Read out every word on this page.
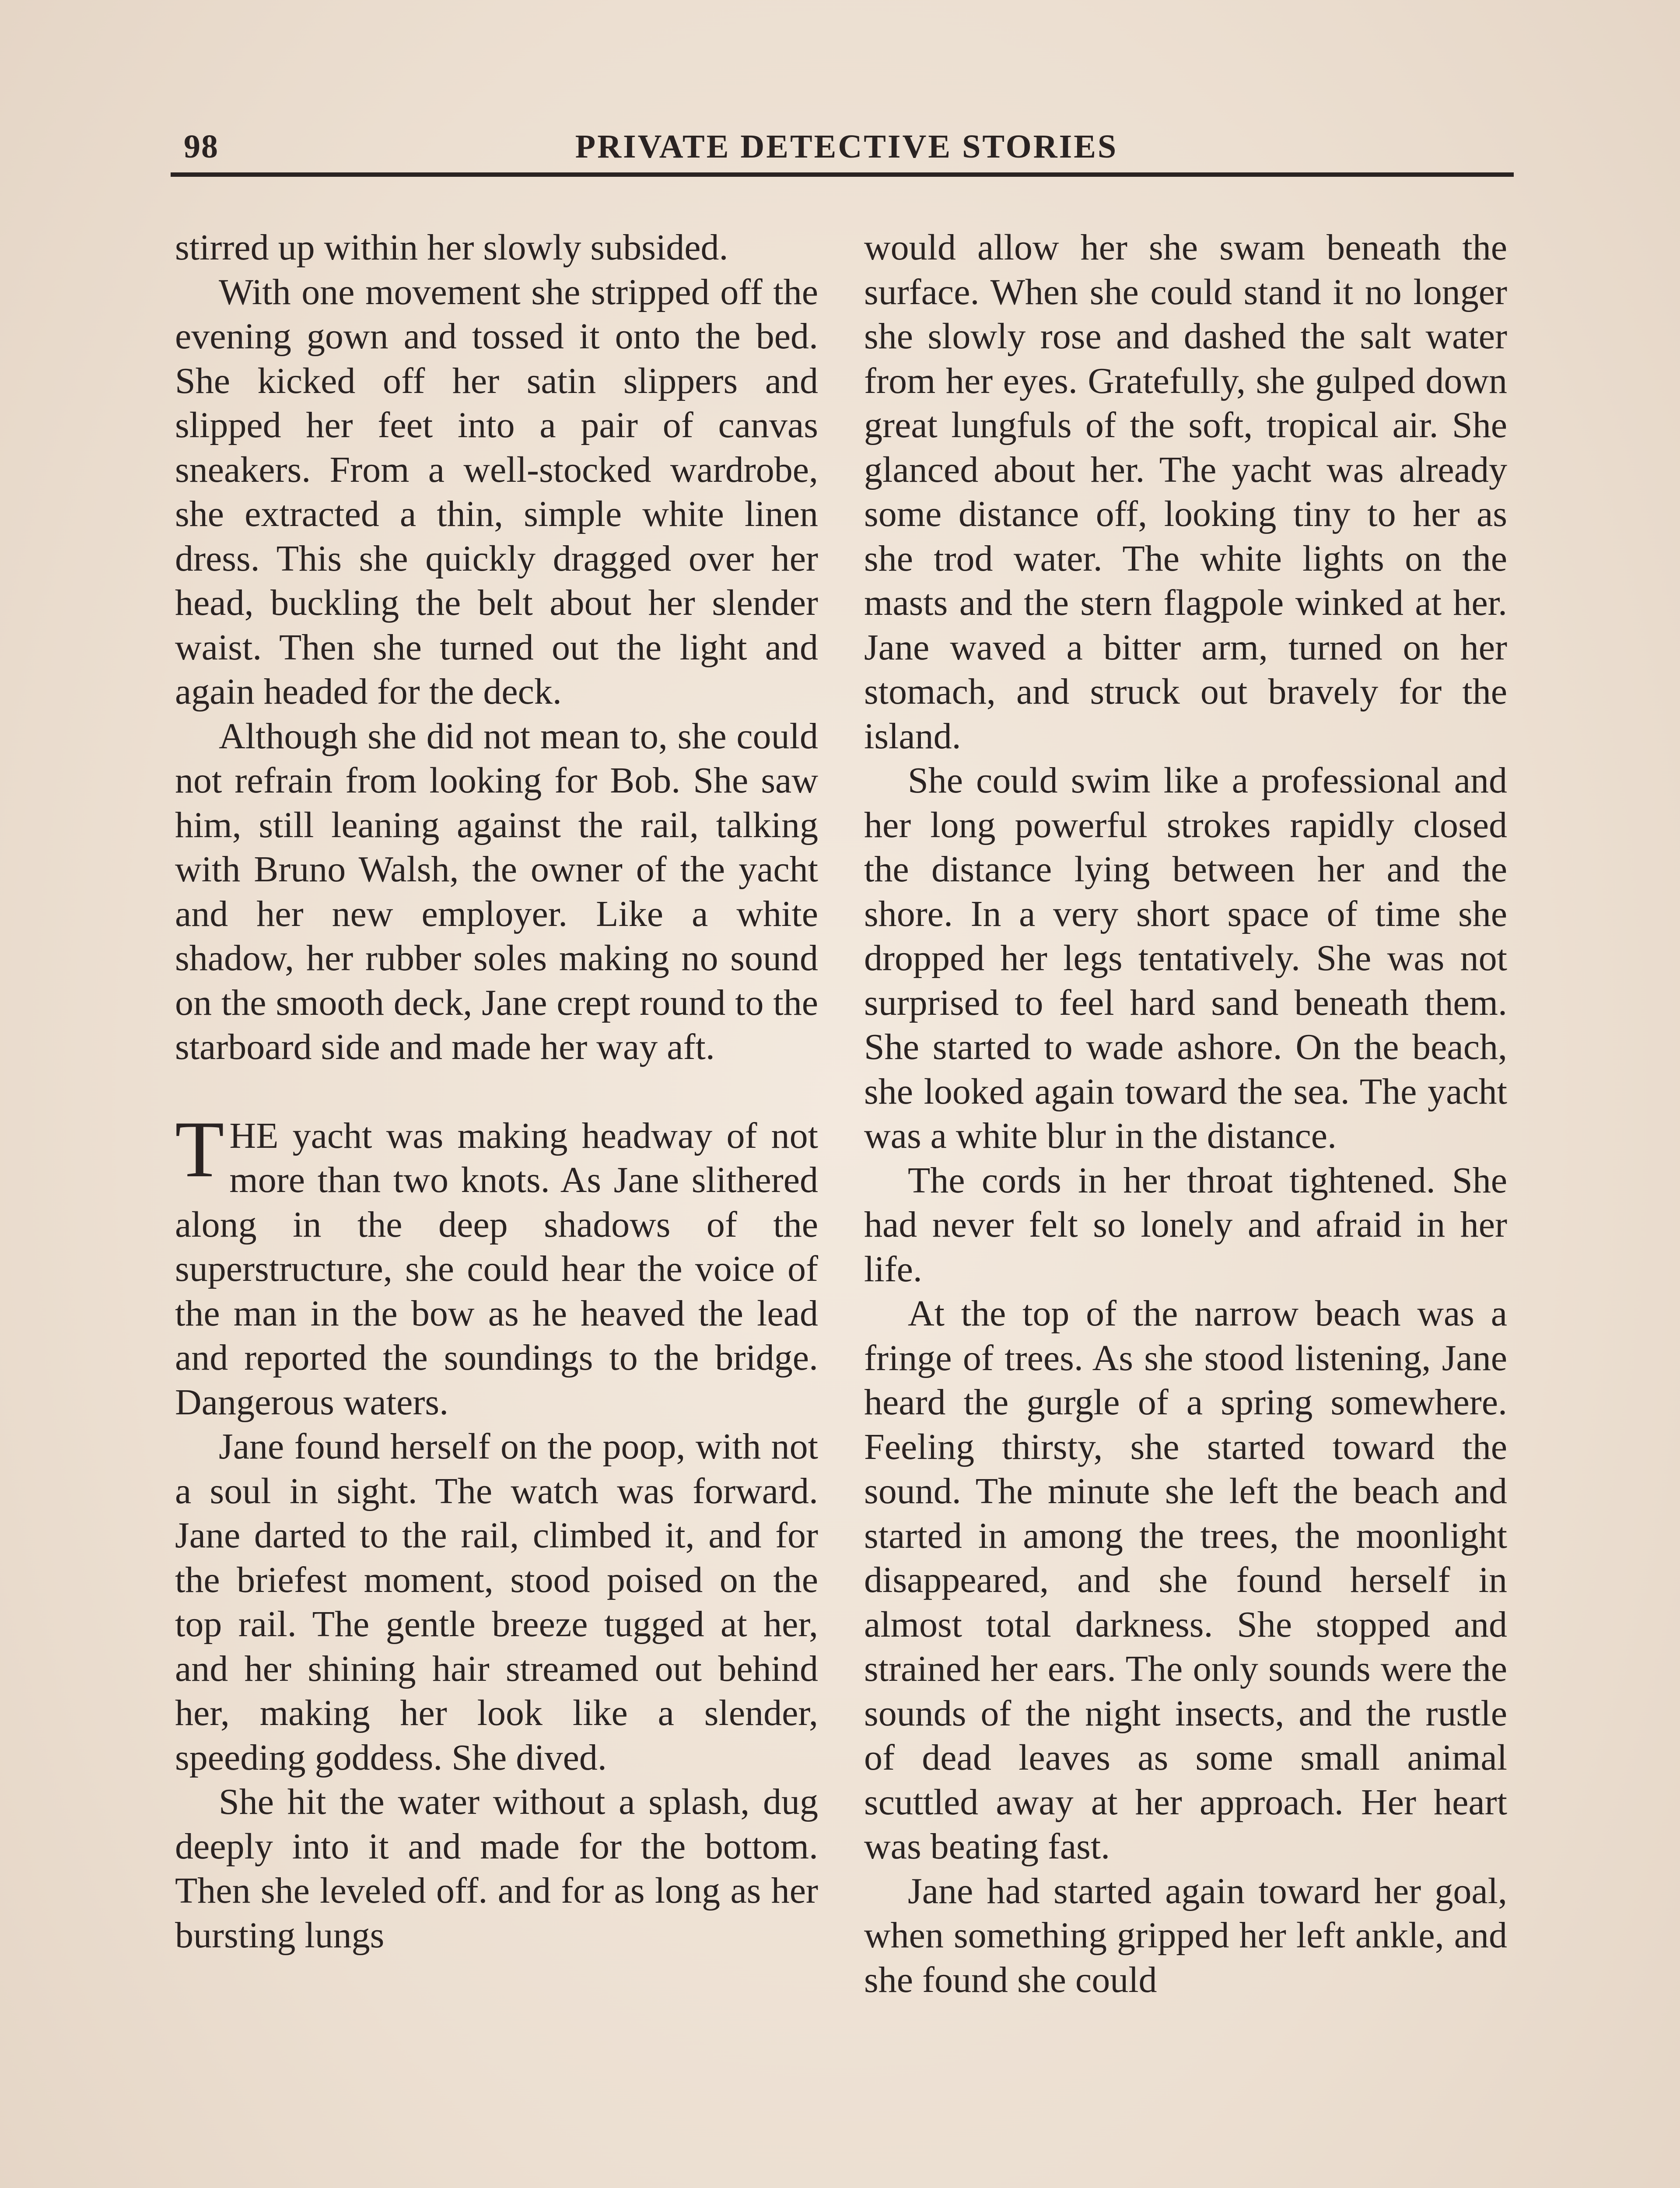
98	PRIVATE DETECTIVE STORIES

stirred up within her slowly subsided.

With one movement she stripped off the evening gown and tossed it onto the bed. She kicked off her satin slippers and slipped her feet into a pair of canvas sneakers. From a well-stocked wardrobe, she extracted a thin, simple white linen dress. This she quickly dragged over her head, buckling the belt about her slender waist. Then she turned out the light and again headed for the deck.

Although she did not mean to, she could not refrain from looking for Bob. She saw him, still leaning against the rail, talking with Bruno Walsh, the owner of the yacht and her new employer. Like a white shadow, her rubber soles making no sound on the smooth deck, Jane crept round to the starboard side and made her way aft.

THE yacht was making headway of not more than two knots. As Jane slithered along in the deep shadows of the superstructure, she could hear the voice of the man in the bow as he heaved the lead and reported the soundings to the bridge. Dangerous waters.

Jane found herself on the poop, with not a soul in sight. The watch was forward. Jane darted to the rail, climbed it, and for the briefest moment, stood poised on the top rail. The gentle breeze tugged at her, and her shining hair streamed out behind her, making her look like a slender, speeding goddess. She dived.

She hit the water without a splash, dug deeply into it and made for the bottom. Then she leveled off. and for as long as her bursting lungs

would allow her she swam beneath the surface. When she could stand it no longer she slowly rose and dashed the salt water from her eyes. Gratefully, she gulped down great lungfuls of the soft, tropical air. She glanced about her. The yacht was already some distance off, looking tiny to her as she trod water. The white lights on the masts and the stern flagpole winked at her. Jane waved a bitter arm, turned on her stomach, and struck out bravely for the island.

She could swim like a professional and her long powerful strokes rapidly closed the distance lying between her and the shore. In a very short space of time she dropped her legs tentatively. She was not surprised to feel hard sand beneath them. She started to wade ashore. On the beach, she looked again toward the sea. The yacht was a white blur in the distance.

The cords in her throat tightened. She had never felt so lonely and afraid in her life.

At the top of the narrow beach was a fringe of trees. As she stood listening, Jane heard the gurgle of a spring somewhere. Feeling thirsty, she started toward the sound. The minute she left the beach and started in among the trees, the moonlight disappeared, and she found herself in almost total darkness. She stopped and strained her ears. The only sounds were the sounds of the night insects, and the rustle of dead leaves as some small animal scuttled away at her approach. Her heart was beating fast.

Jane had started again toward her goal, when something gripped her left ankle, and she found she could
